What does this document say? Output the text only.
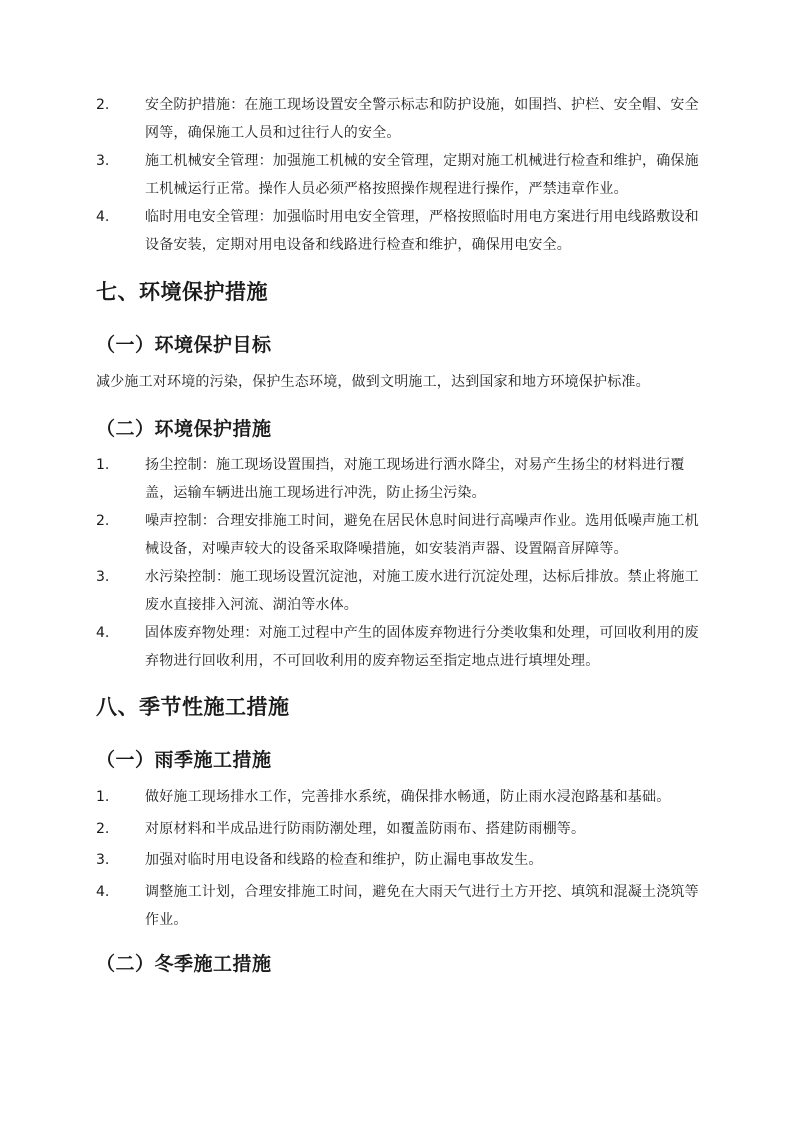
2.	安全防护措施：在施工现场设置安全警示标志和防护设施，如围挡、护栏、安全帽、安全网等，确保施工人员和过往行人的安全。
3.	施工机械安全管理：加强施工机械的安全管理，定期对施工机械进行检查和维护，确保施工机械运行正常。操作人员必须严格按照操作规程进行操作，严禁违章作业。
4.	临时用电安全管理：加强临时用电安全管理，严格按照临时用电方案进行用电线路敷设和设备安装，定期对用电设备和线路进行检查和维护，确保用电安全。
七、环境保护措施
（一）环境保护目标
减少施工对环境的污染，保护生态环境，做到文明施工，达到国家和地方环境保护标准。
（二）环境保护措施
1.	扬尘控制：施工现场设置围挡，对施工现场进行洒水降尘，对易产生扬尘的材料进行覆盖，运输车辆进出施工现场进行冲洗，防止扬尘污染。
2.	噪声控制：合理安排施工时间，避免在居民休息时间进行高噪声作业。选用低噪声施工机械设备，对噪声较大的设备采取降噪措施，如安装消声器、设置隔音屏障等。
3.	水污染控制：施工现场设置沉淀池，对施工废水进行沉淀处理，达标后排放。禁止将施工废水直接排入河流、湖泊等水体。
4.	固体废弃物处理：对施工过程中产生的固体废弃物进行分类收集和处理，可回收利用的废弃物进行回收利用，不可回收利用的废弃物运至指定地点进行填埋处理。
八、季节性施工措施
（一）雨季施工措施
1.	做好施工现场排水工作，完善排水系统，确保排水畅通，防止雨水浸泡路基和基础。
2.	对原材料和半成品进行防雨防潮处理，如覆盖防雨布、搭建防雨棚等。
3.	加强对临时用电设备和线路的检查和维护，防止漏电事故发生。
4.	调整施工计划，合理安排施工时间，避免在大雨天气进行土方开挖、填筑和混凝土浇筑等作业。
（二）冬季施工措施
